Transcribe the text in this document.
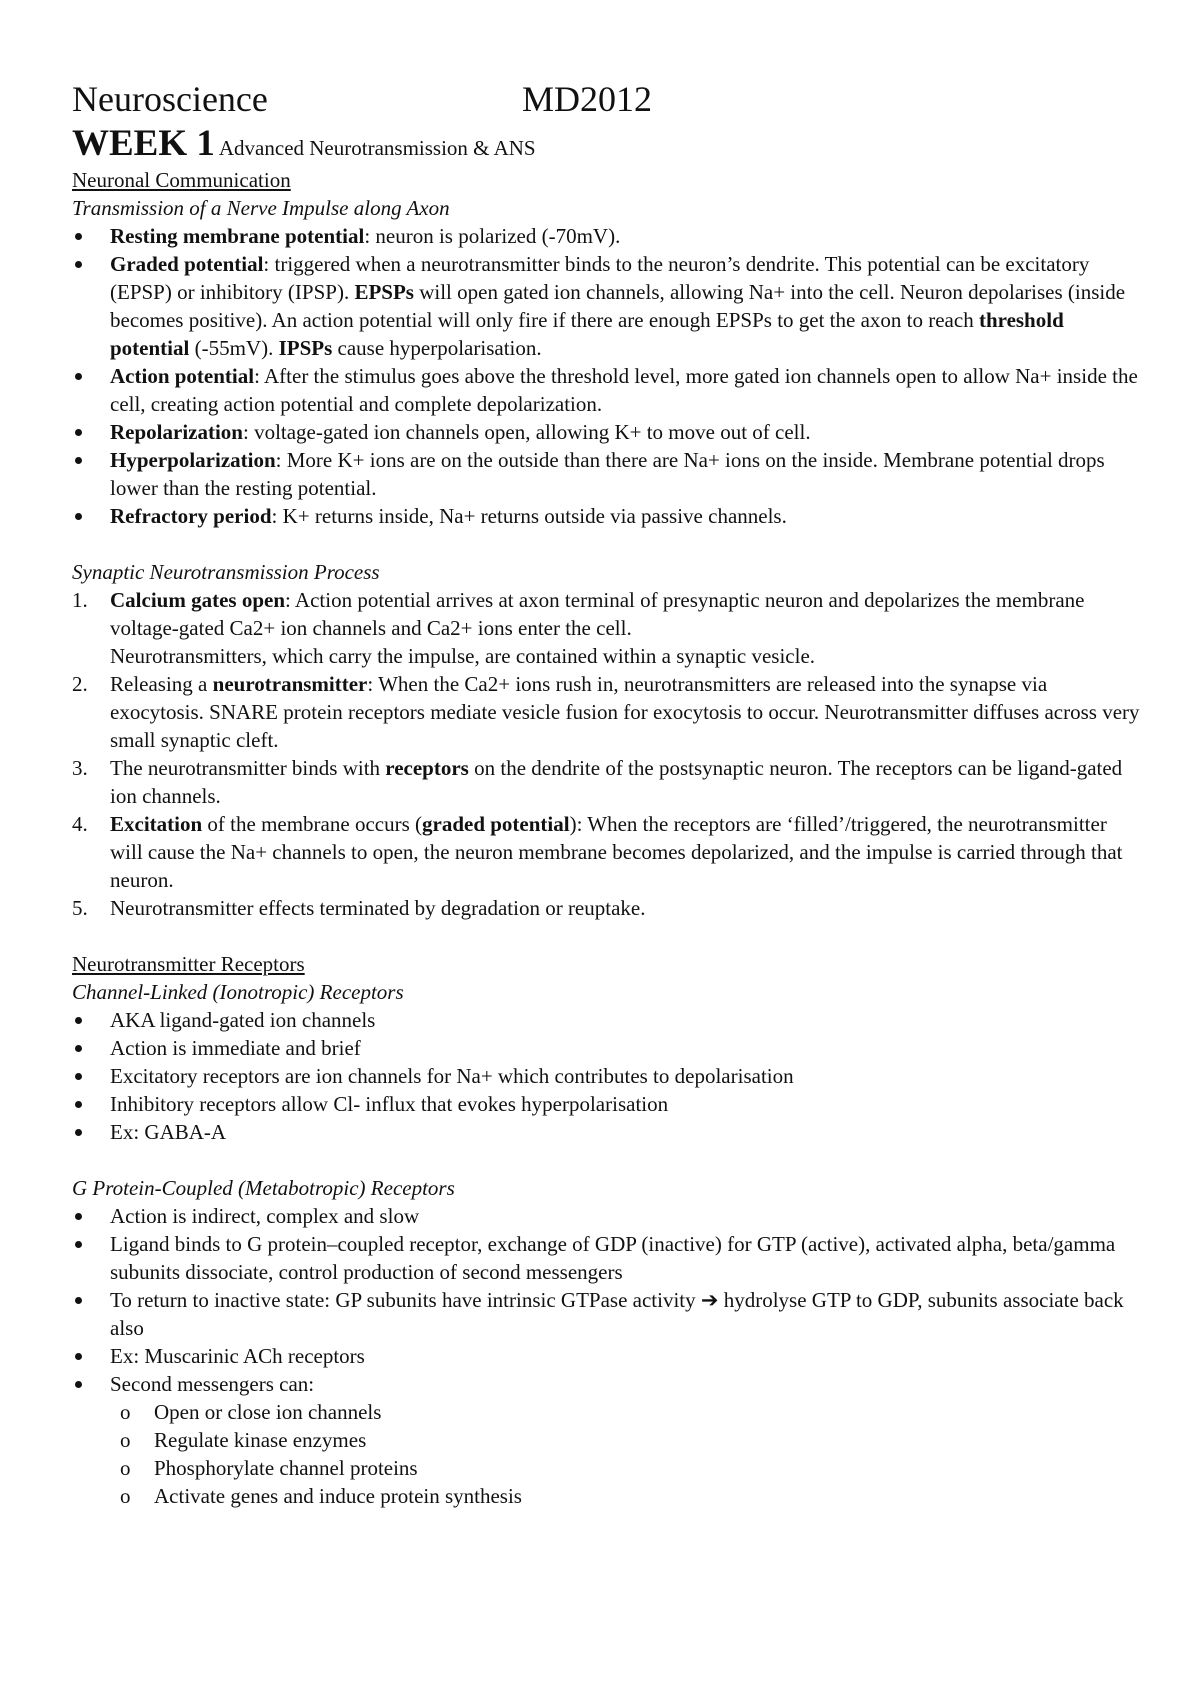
Neuroscience	MD2012
WEEK 1 Advanced Neurotransmission & ANS
Neuronal Communication
Transmission of a Nerve Impulse along Axon
Resting membrane potential: neuron is polarized (-70mV).
Graded potential: triggered when a neurotransmitter binds to the neuron’s dendrite. This potential can be excitatory (EPSP) or inhibitory (IPSP). EPSPs will open gated ion channels, allowing Na+ into the cell. Neuron depolarises (inside becomes positive). An action potential will only fire if there are enough EPSPs to get the axon to reach threshold potential (-55mV). IPSPs cause hyperpolarisation.
Action potential: After the stimulus goes above the threshold level, more gated ion channels open to allow Na+ inside the cell, creating action potential and complete depolarization.
Repolarization: voltage-gated ion channels open, allowing K+ to move out of cell.
Hyperpolarization: More K+ ions are on the outside than there are Na+ ions on the inside. Membrane potential drops lower than the resting potential.
Refractory period: K+ returns inside, Na+ returns outside via passive channels.
Synaptic Neurotransmission Process
1.	Calcium gates open: Action potential arrives at axon terminal of presynaptic neuron and depolarizes the membrane voltage-gated Ca2+ ion channels and Ca2+ ions enter the cell.
Neurotransmitters, which carry the impulse, are contained within a synaptic vesicle.
2.	Releasing a neurotransmitter: When the Ca2+ ions rush in, neurotransmitters are released into the synapse via exocytosis. SNARE protein receptors mediate vesicle fusion for exocytosis to occur. Neurotransmitter diffuses across very small synaptic cleft.
3.	The neurotransmitter binds with receptors on the dendrite of the postsynaptic neuron. The receptors can be ligand-gated ion channels.
4.	Excitation of the membrane occurs (graded potential): When the receptors are ‘filled’/triggered, the neurotransmitter will cause the Na+ channels to open, the neuron membrane becomes depolarized, and the impulse is carried through that neuron.
5.	Neurotransmitter effects terminated by degradation or reuptake.
Neurotransmitter Receptors
Channel-Linked (Ionotropic) Receptors
AKA ligand-gated ion channels
Action is immediate and brief
Excitatory receptors are ion channels for Na+ which contributes to depolarisation
Inhibitory receptors allow Cl- influx that evokes hyperpolarisation
Ex: GABA-A
G Protein-Coupled (Metabotropic) Receptors
Action is indirect, complex and slow
Ligand binds to G protein–coupled receptor, exchange of GDP (inactive) for GTP (active), activated alpha, beta/gamma subunits dissociate, control production of second messengers
To return to inactive state: GP subunits have intrinsic GTPase activity ➔ hydrolyse GTP to GDP, subunits associate back also
Ex: Muscarinic ACh receptors
Second messengers can:
o	Open or close ion channels
o	Regulate kinase enzymes
o	Phosphorylate channel proteins
o	Activate genes and induce protein synthesis
